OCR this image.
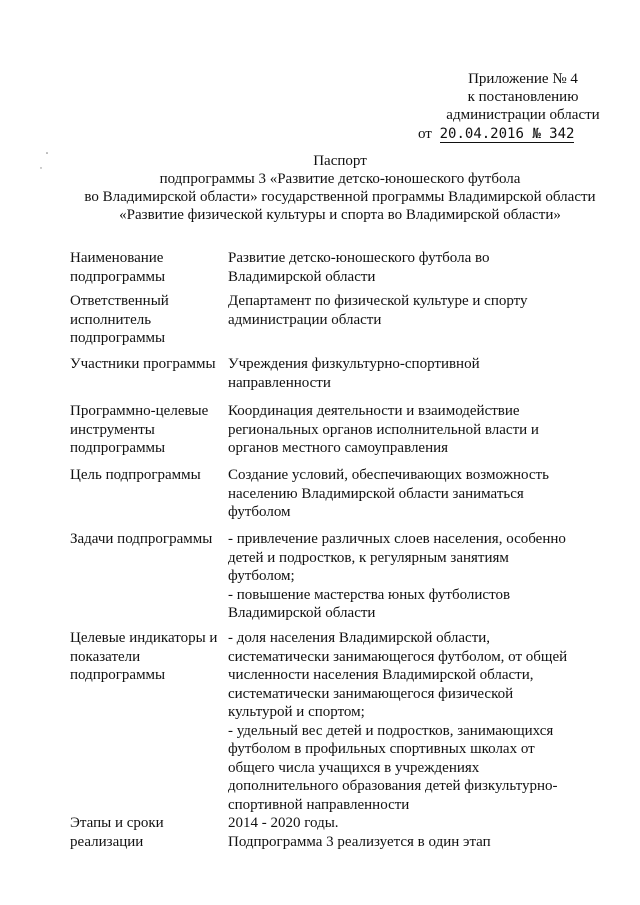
Приложение № 4
к постановлению
администрации области
от 20.04.2016 № 342
Паспорт
подпрограммы 3 «Развитие детско-юношеского футбола
во Владимирской области» государственной программы Владимирской области
«Развитие физической культуры и спорта во Владимирской области»
Наименование
подпрограммы
Развитие детско-юношеского футбола во
Владимирской области
Ответственный
исполнитель
подпрограммы
Департамент по физической культуре и спорту
администрации области
Участники программы Учреждения физкультурно-спортивной
направленности
Программно-целевые
инструменты
подпрограммы
Координация деятельности и взаимодействие
региональных органов исполнительной власти и
органов местного самоуправления
Цель подпрограммы	Создание условий, обеспечивающих возможность
населению Владимирской области заниматься
футболом
Задачи подпрограммы	- привлечение различных слоев населения, особенно
детей и подростков, к регулярным занятиям
футболом;
- повышение мастерства юных футболистов
Владимирской области
Целевые индикаторы и
показатели
подпрограммы
- доля населения Владимирской области,
систематически занимающегося футболом, от общей
численности населения Владимирской области,
систематически занимающегося физической
культурой и спортом;
- удельный вес детей и подростков, занимающихся
футболом в профильных спортивных школах от
общего числа учащихся в учреждениях
дополнительного образования детей физкультурно-
спортивной направленности
Этапы и сроки
реализации
2014 - 2020 годы.
Подпрограмма 3 реализуется в один этап
